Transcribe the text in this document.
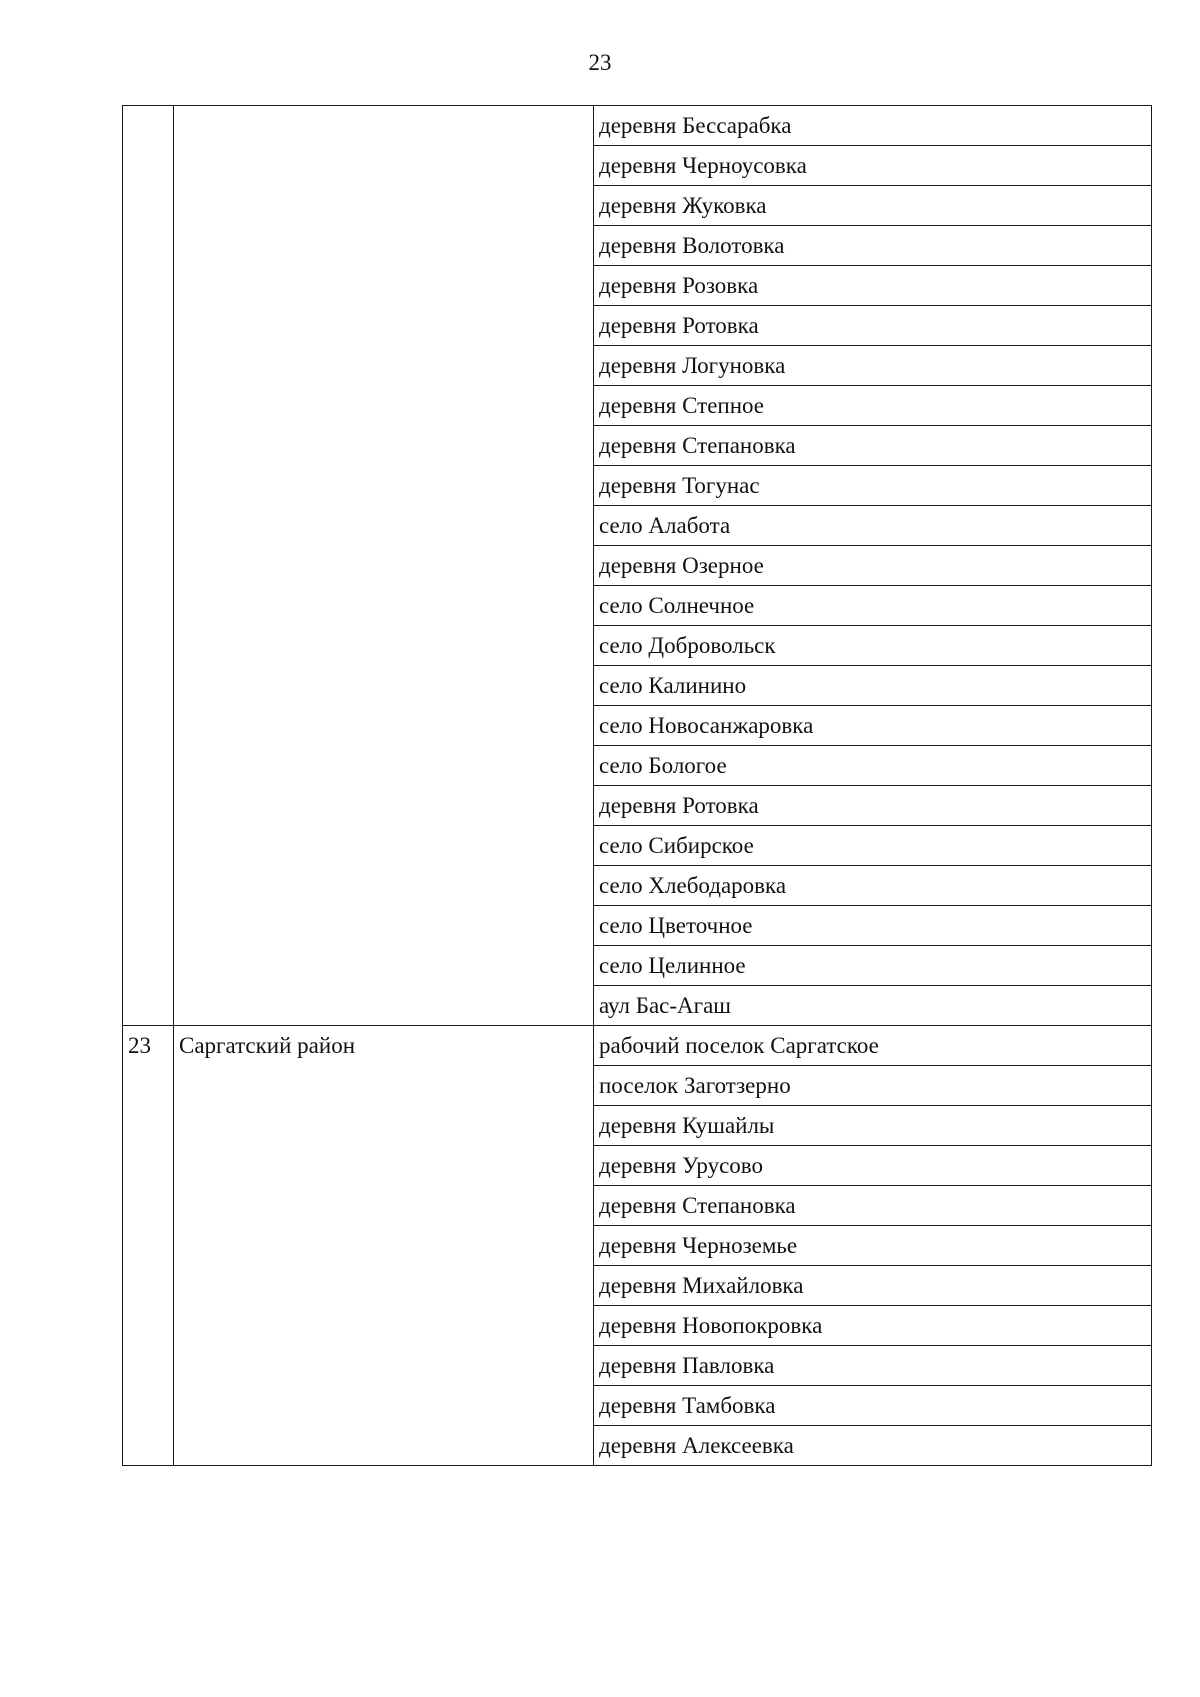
23
		деревня Бессарабка
		деревня Черноусовка
		деревня Жуковка
		деревня Волотовка
		деревня Розовка
		деревня Ротовка
		деревня Логуновка
		деревня Степное
		деревня Степановка
		деревня Тогунас
		село Алабота
		деревня Озерное
		село Солнечное
		село Добровольск
		село Калинино
		село Новосанжаровка
		село Бологое
		деревня Ротовка
		село Сибирское
		село Хлебодаровка
		село Цветочное
		село Целинное
		аул Бас-Агаш
23	Саргатский район	рабочий поселок Саргатское
		поселок Заготзерно
		деревня Кушайлы
		деревня Урусово
		деревня Степановка
		деревня Черноземье
		деревня Михайловка
		деревня Новопокровка
		деревня Павловка
		деревня Тамбовка
		деревня Алексеевка
